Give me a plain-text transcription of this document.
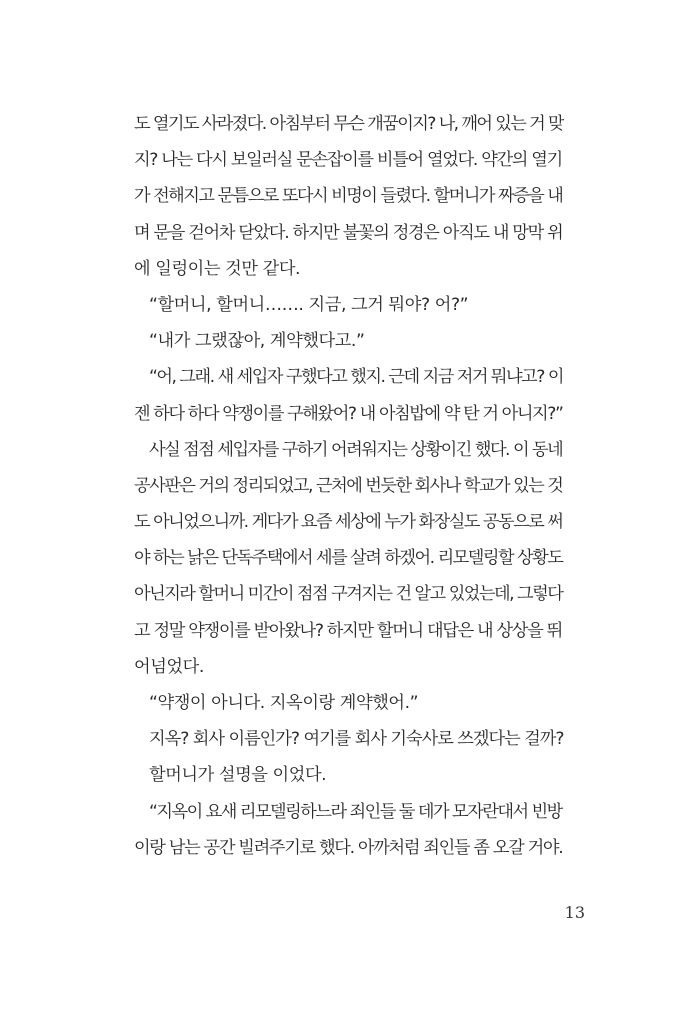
도 열기도 사라졌다. 아침부터 무슨 개꿈이지? 나, 깨어 있는 거 맞
지? 나는 다시 보일러실 문손잡이를 비틀어 열었다. 약간의 열기
가 전해지고 문틈으로 또다시 비명이 들렸다. 할머니가 짜증을 내
며 문을 걷어차 닫았다. 하지만 불꽃의 정경은 아직도 내 망막 위
에 일렁이는 것만 같다.
“할머니, 할머니……. 지금, 그거 뭐야? 어?”
“내가 그랬잖아, 계약했다고.”
“어, 그래. 새 세입자 구했다고 했지. 근데 지금 저거 뭐냐고? 이
젠 하다 하다 약쟁이를 구해왔어? 내 아침밥에 약 탄 거 아니지?”
사실 점점 세입자를 구하기 어려워지는 상황이긴 했다. 이 동네
공사판은 거의 정리되었고, 근처에 번듯한 회사나 학교가 있는 것
도 아니었으니까. 게다가 요즘 세상에 누가 화장실도 공동으로 써
야 하는 낡은 단독주택에서 세를 살려 하겠어. 리모델링할 상황도
아닌지라 할머니 미간이 점점 구겨지는 건 알고 있었는데, 그렇다
고 정말 약쟁이를 받아왔나? 하지만 할머니 대답은 내 상상을 뛰
어넘었다.
“약쟁이 아니다. 지옥이랑 계약했어.”
지옥? 회사 이름인가? 여기를 회사 기숙사로 쓰겠다는 걸까?
할머니가 설명을 이었다.
“지옥이 요새 리모델링하느라 죄인들 둘 데가 모자란대서 빈방
이랑 남는 공간 빌려주기로 했다. 아까처럼 죄인들 좀 오갈 거야.
13
